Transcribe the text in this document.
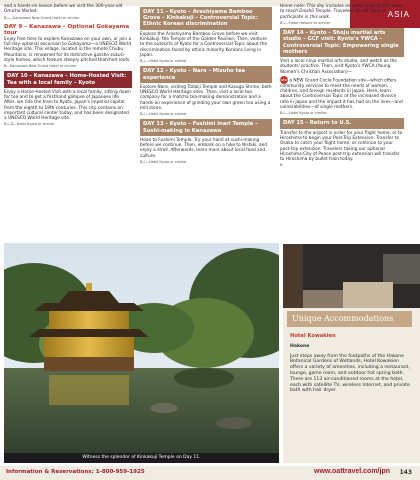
ASIA
and a hands-on lesson before we visit the 300-year-old Omicho Market.
B,L—Kanazawa New Grand Hotel or similar
DAY 9 – Kanazawa – Optional Gokayama tour
Enjoy free time to explore Kanazawa on your own, or join a full-day optional excursion to Gokayama—a UNESCO World Heritage site. This village, located in the remote Chubu Mountains, is renowned for its distinctive gassho-zukuri-style homes, which feature steeply pitched thatched roofs.
B—Kanazawa New Grand Hotel or similar
DAY 10 – Kanazawa – Home-Hosted Visit: Tea with a local family – Kyoto
Enjoy a Home-Hosted Visit with a local family, sitting down for tea and to get a firsthand glimpse of Japanese life. After, we ride the train to Kyoto, Japan's imperial capital from the eighth to 19th centuries. This city contains an important cultural center today, and has been designated a UNESCO World Heritage site.
B,L,D—Hotel Kyoto or similar
DAY 11 – Kyoto – Arashiyama Bamboo Grove – Kinkakuji – Controversial Topic: Ethnic Korean discrimination
Explore the Arashiyama Bamboo Grove before we visit Kinkakuji, the Temple of the Golden Pavilion. Then, venture to the outskirts of Kyoto for a Controversial Topic about the discrimination faced by ethnic minority Koreans living in Japan.
B,L—Hotel Kyoto or similar
DAY 12 – Kyoto – Nara – Mizuho tea experience
Explore Nara, visiting Todaiji Temple and Kasuga Shrine, both UNESCO World Heritage sites. Then, visit a local tea company for a matcha tea-making demonstration and a hands-on experience of grinding your own green tea using a mill stone.
B,L—Hotel Kyoto or similar
DAY 13 – Kyoto – Fushimi Inari Temple – Sushi-making in Kanazawa
Head to Fushimi Temple. Try your hand at sushi-making before we continue. Then, embark on a hike to Nishiki, and enjoy a stroll. Afterwards, learn more about local food and culture.
B,L—Hotel Kyoto or similar
Home note: This day includes an uphill walk of 200 steps to reach Daishō Temple. Travelers do not have to participate in this walk.
B,L—Hotel Hakone or similar
DAY 14 – Kyoto – Shoju martial arts studio – GCF visit: Kyoto's YWCA – Controversial Topic: Empowering single mothers
Visit a local ninja martial arts studio, and watch as the students' practice. Then, visit Kyoto's YWCA (Young Women's Christian Association)—
NEW a NEW Grand Circle Foundation site—which offers community services to meet the needs of women, children, and foreign residents in Japan. Here, learn about the Controversial Topic of the increased divorce rate in Japan and the impact it has had on the lives—and vulnerabilities—of single mothers.
B,L—Hotel Kyoto or similar
DAY 15 – Return to U.S.
Transfer to the airport in order for your flight home, or to Hiroshima to begin your Post-Trip Extension. Transfer to Osaka to catch your flight home, or continue to your post-trip extension. Travelers taking our optional Hiroshima City of Peace post-trip extension will transfer to Hiroshima by bullet train today.
B
Witness the splendor of Kinkakuji Temple on Day 11.
Unique Accommodations
Hotel Kowakien
Hakone
Just steps away from the footpaths of the Hakone Botanical Gardens of Wetlands, Hotel Kowakien offers a variety of amenities, including a restaurant, lounge, game room, and outdoor hot spring bath. There are 113 air-conditioned rooms at the hotel, each with satellite TV, wireless Internet, and private bath with hair dryer.
Information & Reservations: 1-800-959-1925	www.oattravel.com/jpn 143
